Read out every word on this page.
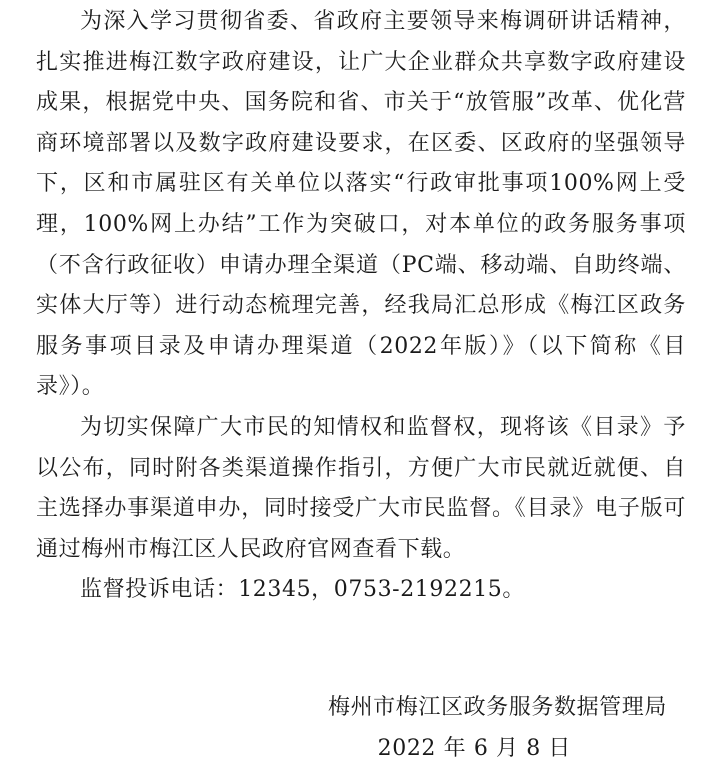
为深入学习贯彻省委、省政府主要领导来梅调研讲话精神，扎实推进梅江数字政府建设，让广大企业群众共享数字政府建设成果，根据党中央、国务院和省、市关于“放管服”改革、优化营商环境部署以及数字政府建设要求，在区委、区政府的坚强领导下，区和市属驻区有关单位以落实“行政审批事项100%网上受理，100%网上办结”工作为突破口，对本单位的政务服务事项（不含行政征收）申请办理全渠道（PC端、移动端、自助终端、实体大厅等）进行动态梳理完善，经我局汇总形成《梅江区政务服务事项目录及申请办理渠道（2022年版）》（以下简称《目录》）。

为切实保障广大市民的知情权和监督权，现将该《目录》予以公布，同时附各类渠道操作指引，方便广大市民就近就便、自主选择办事渠道申办，同时接受广大市民监督。《目录》电子版可通过梅州市梅江区人民政府官网查看下载。

监督投诉电话：12345，0753-2192215。

梅州市梅江区政务服务数据管理局
2022 年 6 月 8 日
